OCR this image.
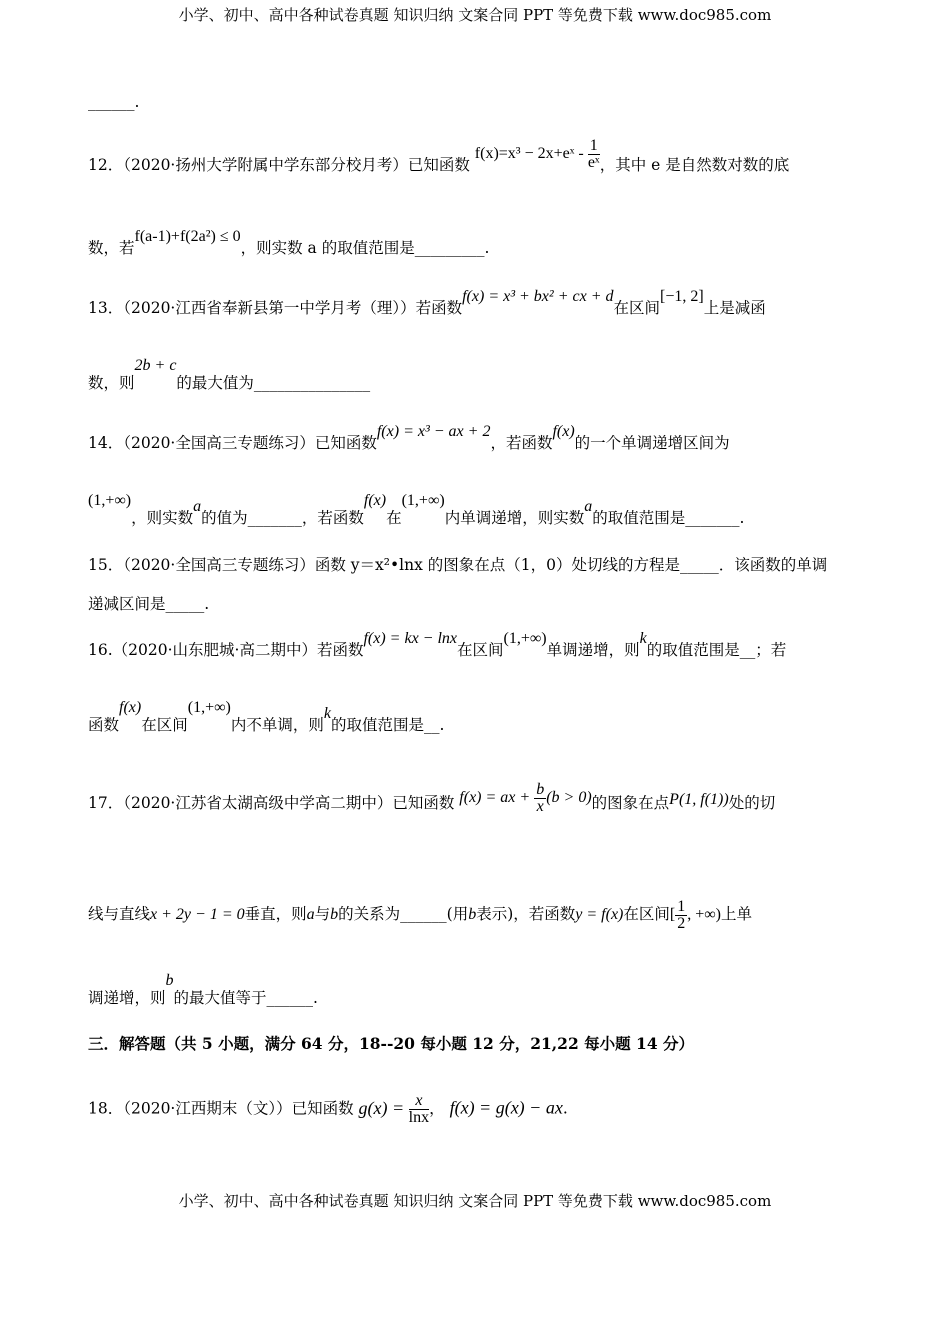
小学、初中、高中各种试卷真题 知识归纳 文案合同 PPT 等免费下载 www.doc985.com
______.
12．（2020·扬州大学附属中学东部分校月考）已知函数 f(x)=x³ − 2x+eˣ - $\frac{1}{\text{eˣ}}$ ，其中 e 是自然数对数的底
数，若f(a-1)+f(2a²) ≤ 0，则实数 a 的取值范围是_________.
13．（2020·江西省奉新县第一中学月考（理））若函数f(x) = x³ + bx² + cx + d在区间[−1, 2]上是减函
数，则2b + c的最大值为_______________
14．（2020·全国高三专题练习）已知函数f(x) = x³ − ax + 2，若函数f(x)的一个单调递增区间为
(1,+∞)，则实数a的值为_______，若函数f(x)在(1,+∞)内单调递增，则实数a的取值范围是_______.
15．（2020·全国高三专题练习）函数 y＝x²•lnx 的图象在点（1，0）处切线的方程是_____．该函数的单调
递减区间是_____.
16.（2020·山东肥城·高二期中）若函数f(x) = kx − lnx在区间(1,+∞)单调递增，则k的取值范围是__；若
函数f(x)在区间(1,+∞)内不单调，则k的取值范围是__.
17．（2020·江苏省太湖高级中学高二期中）已知函数 f(x) = ax + $\frac{b}{x} (b > 0)$的图象在点P(1, f(1))处的切
线与直线x + 2y − 1 = 0垂直，则a与b的关系为______(用b表示)，若函数y = f(x)在区间[ $\frac{1}{2}$ , +∞)上单
调递增，则b的最大值等于______.
三．解答题（共 5 小题，满分 64 分，18--20 每小题 12 分，21,22 每小题 14 分）
18．（2020·江西期末（文））已知函数 $g(x) = \frac{x}{\ln x}$ ， f(x) = g(x) − ax.
小学、初中、高中各种试卷真题 知识归纳 文案合同 PPT 等免费下载 www.doc985.com
